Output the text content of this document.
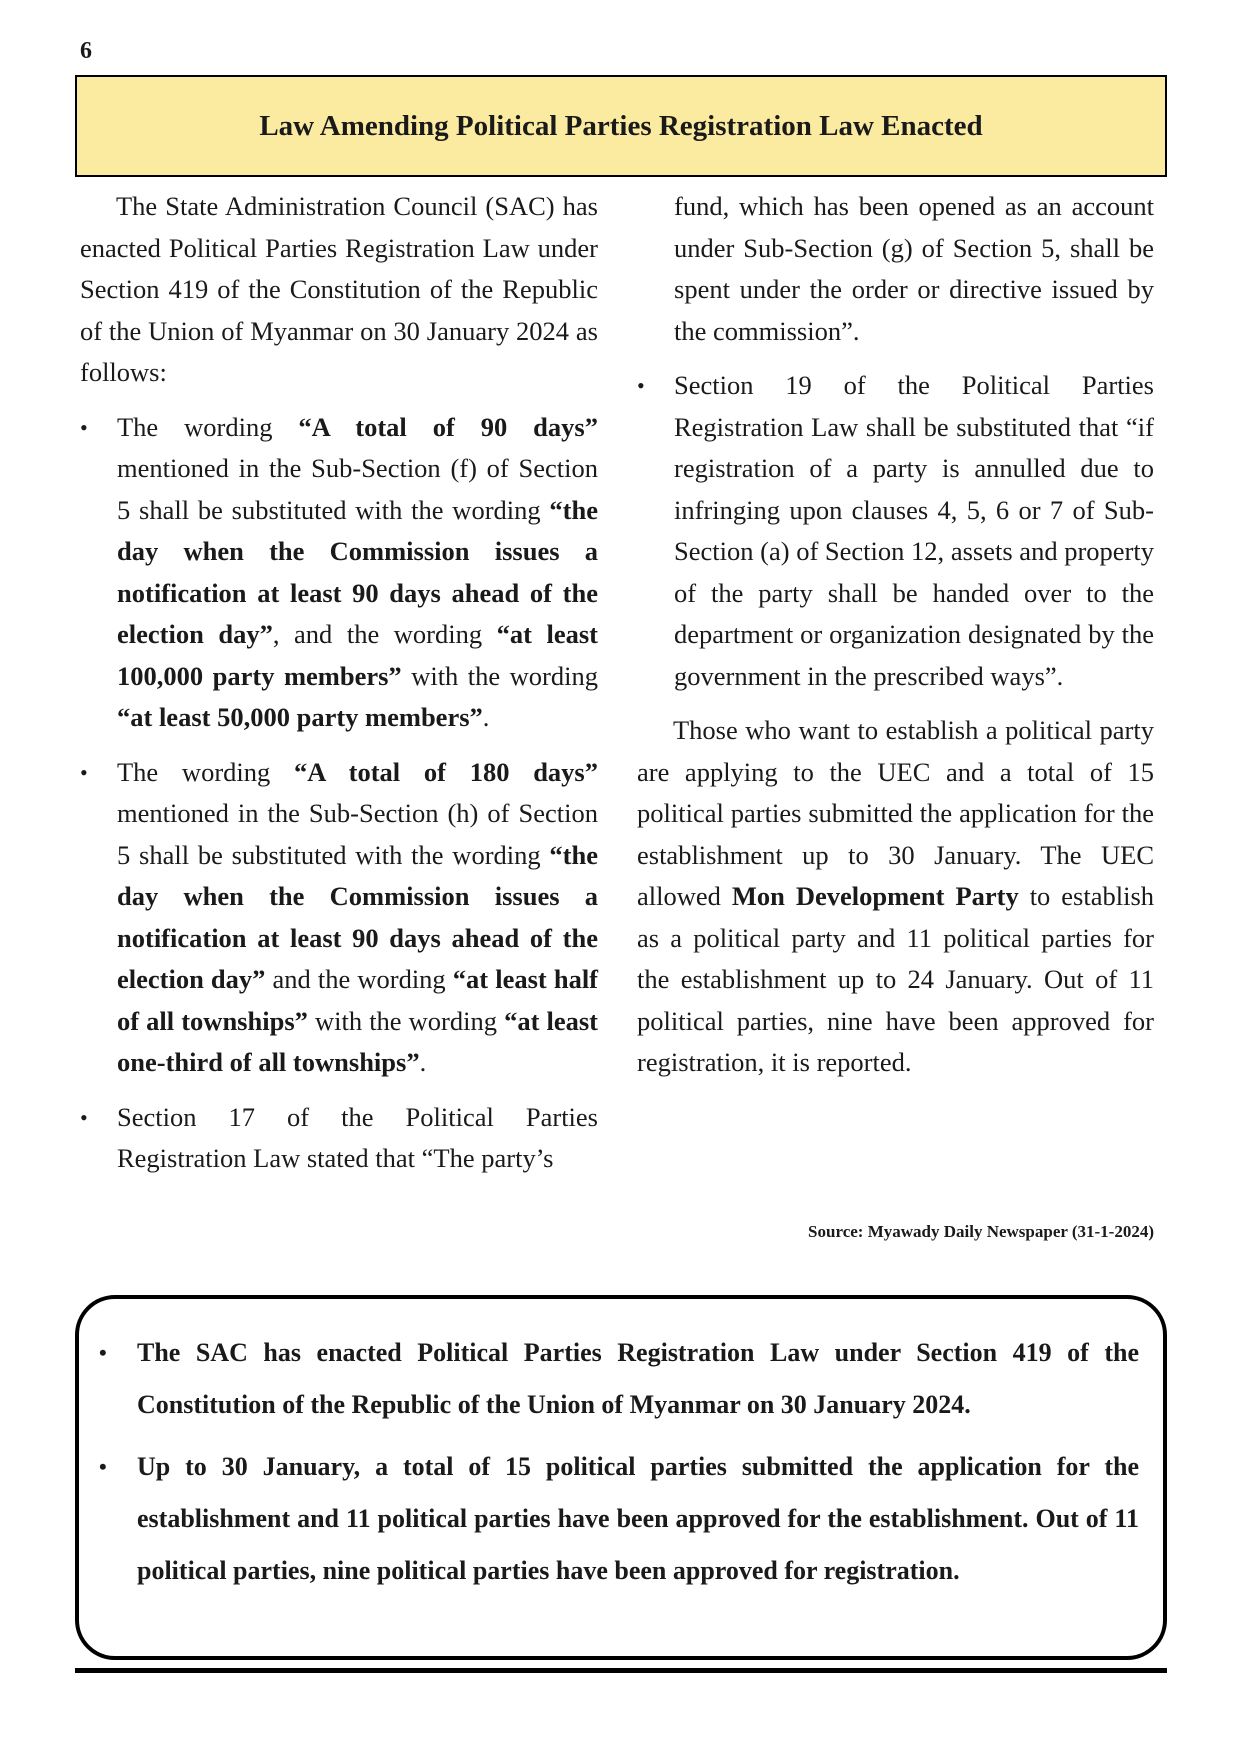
6
Law Amending Political Parties Registration Law Enacted

The State Administration Council (SAC) has enacted Political Parties Registration Law under Section 419 of the Constitution of the Republic of the Union of Myanmar on 30 January 2024 as follows:

• The wording “A total of 90 days” mentioned in the Sub-Section (f) of Section 5 shall be substituted with the wording “the day when the Commission issues a notification at least 90 days ahead of the election day”, and the wording “at least 100,000 party members” with the wording “at least 50,000 party members”.
• The wording “A total of 180 days” mentioned in the Sub-Section (h) of Section 5 shall be substituted with the wording “the day when the Commission issues a notification at least 90 days ahead of the election day” and the wording “at least half of all townships” with the wording “at least one-third of all townships”.
• Section 17 of the Political Parties Registration Law stated that “The party’s
fund, which has been opened as an account under Sub-Section (g) of Section 5, shall be spent under the order or directive issued by the commission”.
• Section 19 of the Political Parties Registration Law shall be substituted that “if registration of a party is annulled due to infringing upon clauses 4, 5, 6 or 7 of Sub-Section (a) of Section 12, assets and property of the party shall be handed over to the department or organization designated by the government in the prescribed ways”.

Those who want to establish a political party are applying to the UEC and a total of 15 political parties submitted the application for the establishment up to 30 January. The UEC allowed Mon Development Party to establish as a political party and 11 political parties for the establishment up to 24 January. Out of 11 political parties, nine have been approved for registration, it is reported.

Source: Myawady Daily Newspaper (31-1-2024)
• The SAC has enacted Political Parties Registration Law under Section 419 of the Constitution of the Republic of the Union of Myanmar on 30 January 2024.
• Up to 30 January, a total of 15 political parties submitted the application for the establishment and 11 political parties have been approved for the establishment. Out of 11 political parties, nine political parties have been approved for registration.
